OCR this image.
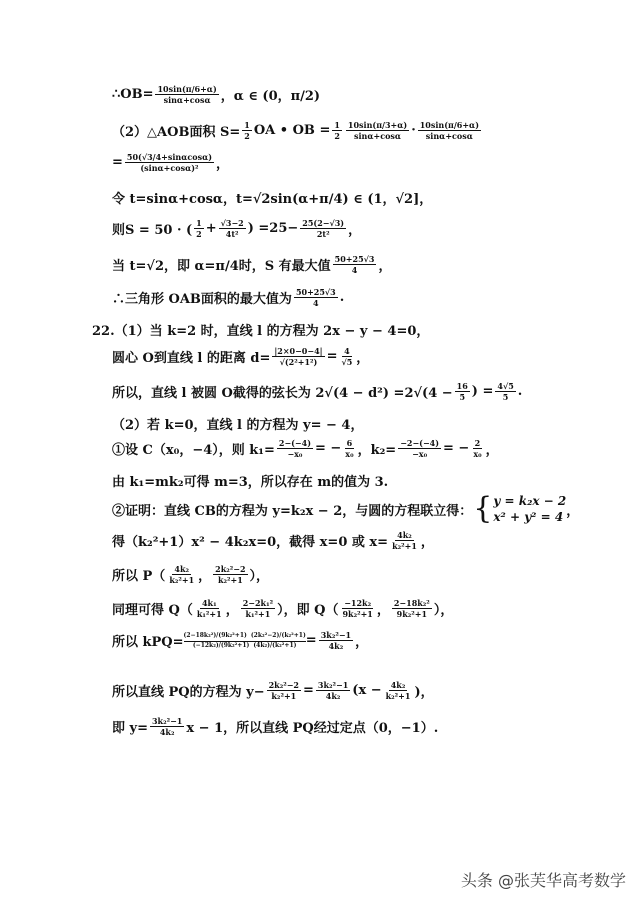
∴OB= $\frac{10\sin(\pi/6+\alpha)}{\sin\alpha+\cos\alpha}$ ，α ∈ (0，π/2)
（2）△AOB面积 $S= \frac{1}{2}$ OA • OB = $\frac{1}{2} \frac{10\sin(\pi/3+\alpha)}{\sin\alpha+\cos\alpha} \cdot \frac{10\sin(\pi/6+\alpha)}{\sin\alpha+\cos\alpha}$
= $\frac{50(√3/4+\sin\alpha\cos\alpha)}{\text{(sinα+cosα)²}}$ ，
令 t=sinα+cosα，t=√2sin(α+π/4) ∈ (1，√2]，
则S = 50 · ( $\frac{1}{2} + \frac{√3-2}{\text{4t²}}$ ) $=25- \frac{25(2-√3)}{\text{2t²}}$ ，
当 t=√2，即 α=π/4时，S 有最大值 $\frac{50+25√3}{4}$ ，
∴三角形 OAB面积的最大值为 $\frac{50+25√3}{4}$ .
22.（1）当 k=2 时，直线 l 的方程为 2x − y − 4=0，
圆心 O到直线 l 的距离 $d= \frac{|2\times 0-0-4|}{\text{√(2²+1²)}} = \frac{4}{√5}$ ，
所以，直线 l 被圆 O截得的弦长为 $2√(4 - d^2) =2√(4 - \frac{16}{5}$ ) = $\frac{4√5}{5}$ .
（2）若 k=0，直线 l 的方程为 y= − 4，
①设 C（x₀，−4），则 $k_1= \frac{2-(-4)}{\text{−x₀}}$ = − $\frac{6}{\text{x₀}}$ ，$k_2= \frac{-2-(-4)}{\text{−x₀}}$ = − $\frac{2}{\text{x₀}}$ ，
由 k₁=mk₂可得 m=3，所以存在 m的值为 3.
②证明：直线 CB的方程为 y=k₂x − 2，与圆的方程联立得： { y = k₂x − 2
x² + y² = 4 ，
得（k₂²+1）x² − 4k₂x=0，截得 x=0 或 $x= \frac{\text{4k₂}}{\text{k₂²+1}}$ ，
所以 $P( \frac{\text{4k₂}}{\text{k₂²+1}}$ ， $\frac{\text{2k₂²−2}}{\text{k₂²+1}}$ ），
同理可得 $Q( \frac{\text{4k₁}}{\text{k₁²+1}}$ ， $\frac{\text{2−2k₁²}}{\text{k₁²+1}}$ ），即 $Q( \frac{\text{−12k₂}}{\text{9k₂²+1}}$ ， $\frac{\text{2−18k₂²}}{\text{9k₂²+1}}$ ），
所以 $kPQ= \frac{\text{(2−18k₂²)/(9k₂²+1) (2k₂²−2)/(k₂²+1)}}{\text{(−12k₂)/(9k₂²+1) (4k₂)/(k₂²+1)}} = \frac{\text{3k₂²−1}}{\text{4k₂}}$ ，
所以直线 PQ的方程为 $y- \frac{\text{2k₂²−2}}{\text{k₂²+1}} = \frac{\text{3k₂²−1}}{\text{4k₂}} (x - \frac{\text{4k₂}}{\text{k₂²+1}}$ )，
即 $y= \frac{\text{3k₂²−1}}{\text{4k₂}}$ x − 1，所以直线 PQ经过定点（0，−1）.
头条 @张芙华高考数学
